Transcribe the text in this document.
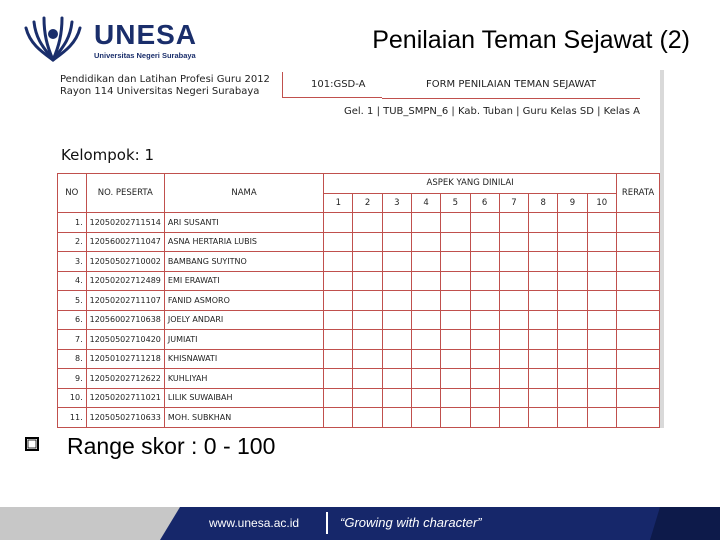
UNESA
Universitas Negeri Surabaya
Penilaian Teman Sejawat (2)
Pendidikan dan Latihan Profesi Guru 2012
Rayon 114 Universitas Negeri Surabaya
101:GSD-A	FORM PENILAIAN TEMAN SEJAWAT
Gel. 1 | TUB_SMPN_6 | Kab. Tuban | Guru Kelas SD | Kelas A
Kelompok: 1
NO	NO. PESERTA	NAMA	ASPEK YANG DINILAI										RERATA
			1	2	3	4	5	6	7	8	9	10	
1.	12050202711514	ARI SUSANTI											
2.	12056002711047	ASNA HERTARIA LUBIS											
3.	12050502710002	BAMBANG SUYITNO											
4.	12050202712489	EMI ERAWATI											
5.	12050202711107	FANID ASMORO											
6.	12056002710638	JOELY ANDARI											
7.	12050502710420	JUMIATI											
8.	12050102711218	KHISNAWATI											
9.	12050202712622	KUHLIYAH											
10.	12050202711021	LILIK SUWAIBAH											
11.	12050502710633	MOH. SUBKHAN											
Range skor : 0 - 100
www.unesa.ac.id	“Growing with character”
